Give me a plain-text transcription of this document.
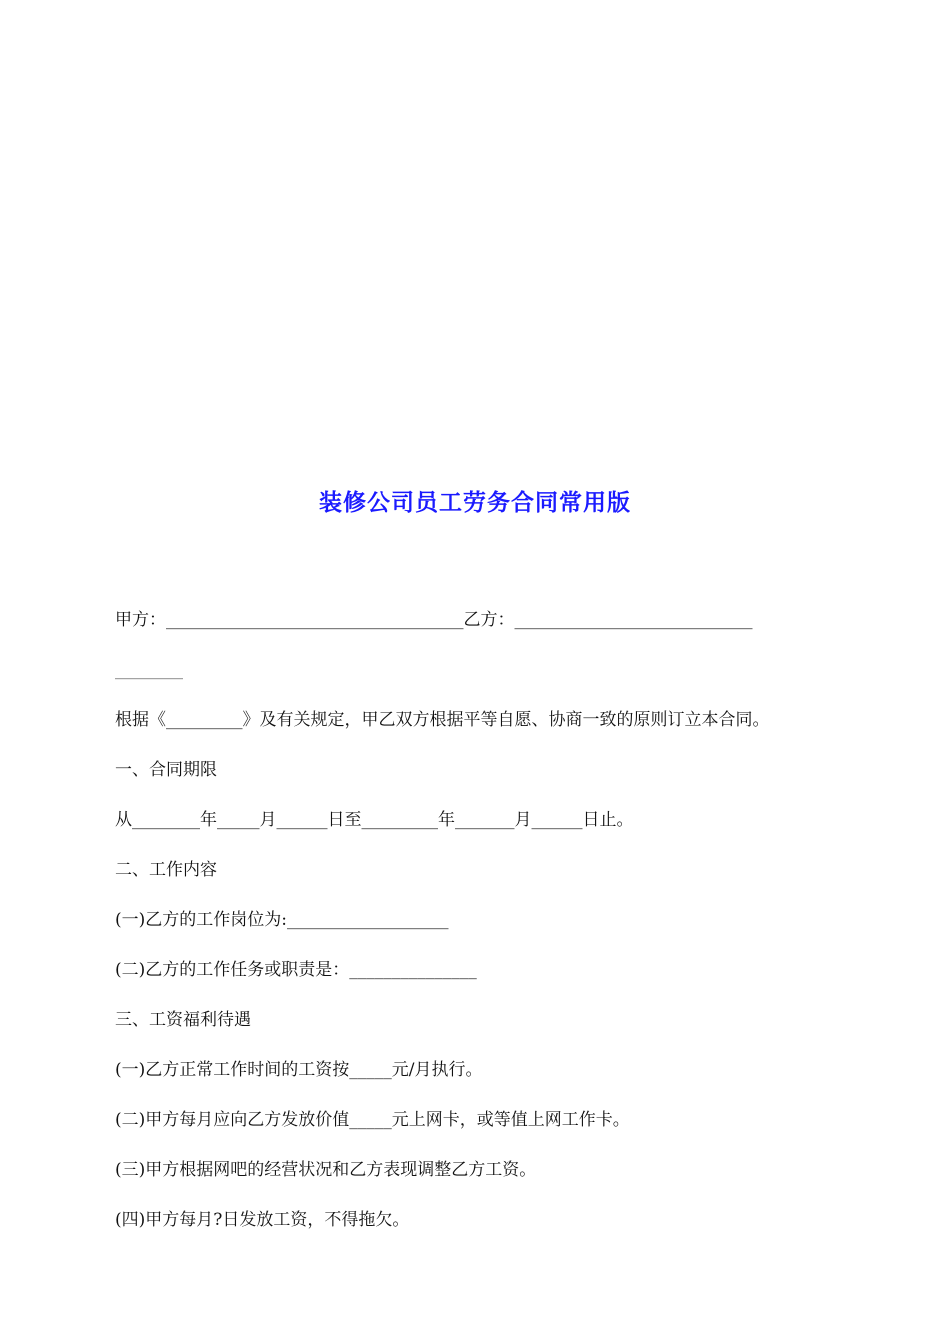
装修公司员工劳务合同常用版
甲方：___________________________________乙方：____________________________
________
根据《_________》及有关规定，甲乙双方根据平等自愿、协商一致的原则订立本合同。
一、合同期限
从________年_____月______日至_________年_______月______日止。
二、工作内容
(一)乙方的工作岗位为:___________________
(二)乙方的工作任务或职责是：_______________
三、工资福利待遇
(一)乙方正常工作时间的工资按_____元/月执行。
(二)甲方每月应向乙方发放价值_____元上网卡，或等值上网工作卡。
(三)甲方根据网吧的经营状况和乙方表现调整乙方工资。
(四)甲方每月?日发放工资，不得拖欠。
